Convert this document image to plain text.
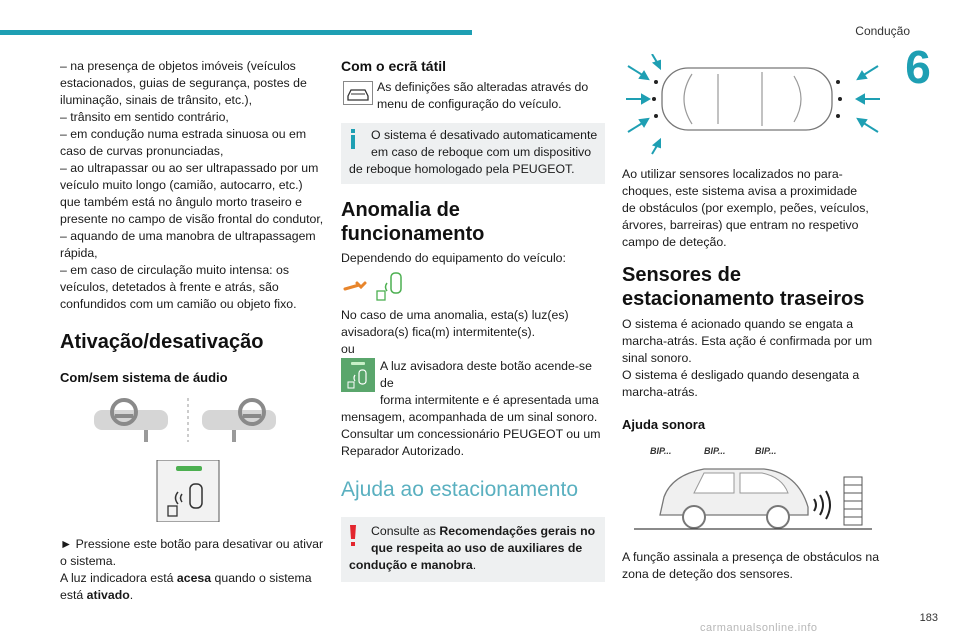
Condução
6

– na presença de objetos imóveis (veículos

estacionados, guias de segurança, postes de

iluminação, sinais de trânsito, etc.),

– trânsito em sentido contrário,

– em condução numa estrada sinuosa ou em

caso de curvas pronunciadas,

– ao ultrapassar ou ao ser ultrapassado por um

veículo muito longo (camião, autocarro, etc.)

que também está no ângulo morto traseiro e

presente no campo de visão frontal do condutor,

– aquando de uma manobra de ultrapassagem

rápida,

– em caso de circulação muito intensa: os

veículos, detetados à frente e atrás, são

confundidos com um camião ou objeto fixo.

Ativação/desativação
Com/sem sistema de áudio

► Pressione este botão para desativar ou ativar

o sistema.

A luz indicadora está acesa quando o sistema

está ativado.

Com o ecrã tátil

As definições são alteradas através do

menu de configuração do veículo.

O sistema é desativado automaticamente

em caso de reboque com um dispositivo

de reboque homologado pela PEUGEOT.

Anomalia de funcionamento

Dependendo do equipamento do veículo:

No caso de uma anomalia, esta(s) luz(es)

avisadora(s) fica(m) intermitente(s).

ou

A luz avisadora deste botão acende-se de

forma intermitente e é apresentada uma

mensagem, acompanhada de um sinal sonoro.

Consultar um concessionário PEUGEOT ou um

Reparador Autorizado.

Ajuda ao estacionamento

Consulte as Recomendações gerais no

que respeita ao uso de auxiliares de

condução e manobra.

Ao utilizar sensores localizados no para-

choques, este sistema avisa a proximidade

de obstáculos (por exemplo, peões, veículos,

árvores, barreiras) que entram no respetivo

campo de deteção.

Sensores de
estacionamento traseiros

O sistema é acionado quando se engata a

marcha-atrás. Esta ação é confirmada por um

sinal sonoro.

O sistema é desligado quando desengata a

marcha-atrás.

Ajuda sonora
BIP...	BIP...	BIP...

A função assinala a presença de obstáculos na

zona de deteção dos sensores.

183
carmanualsonline.info
